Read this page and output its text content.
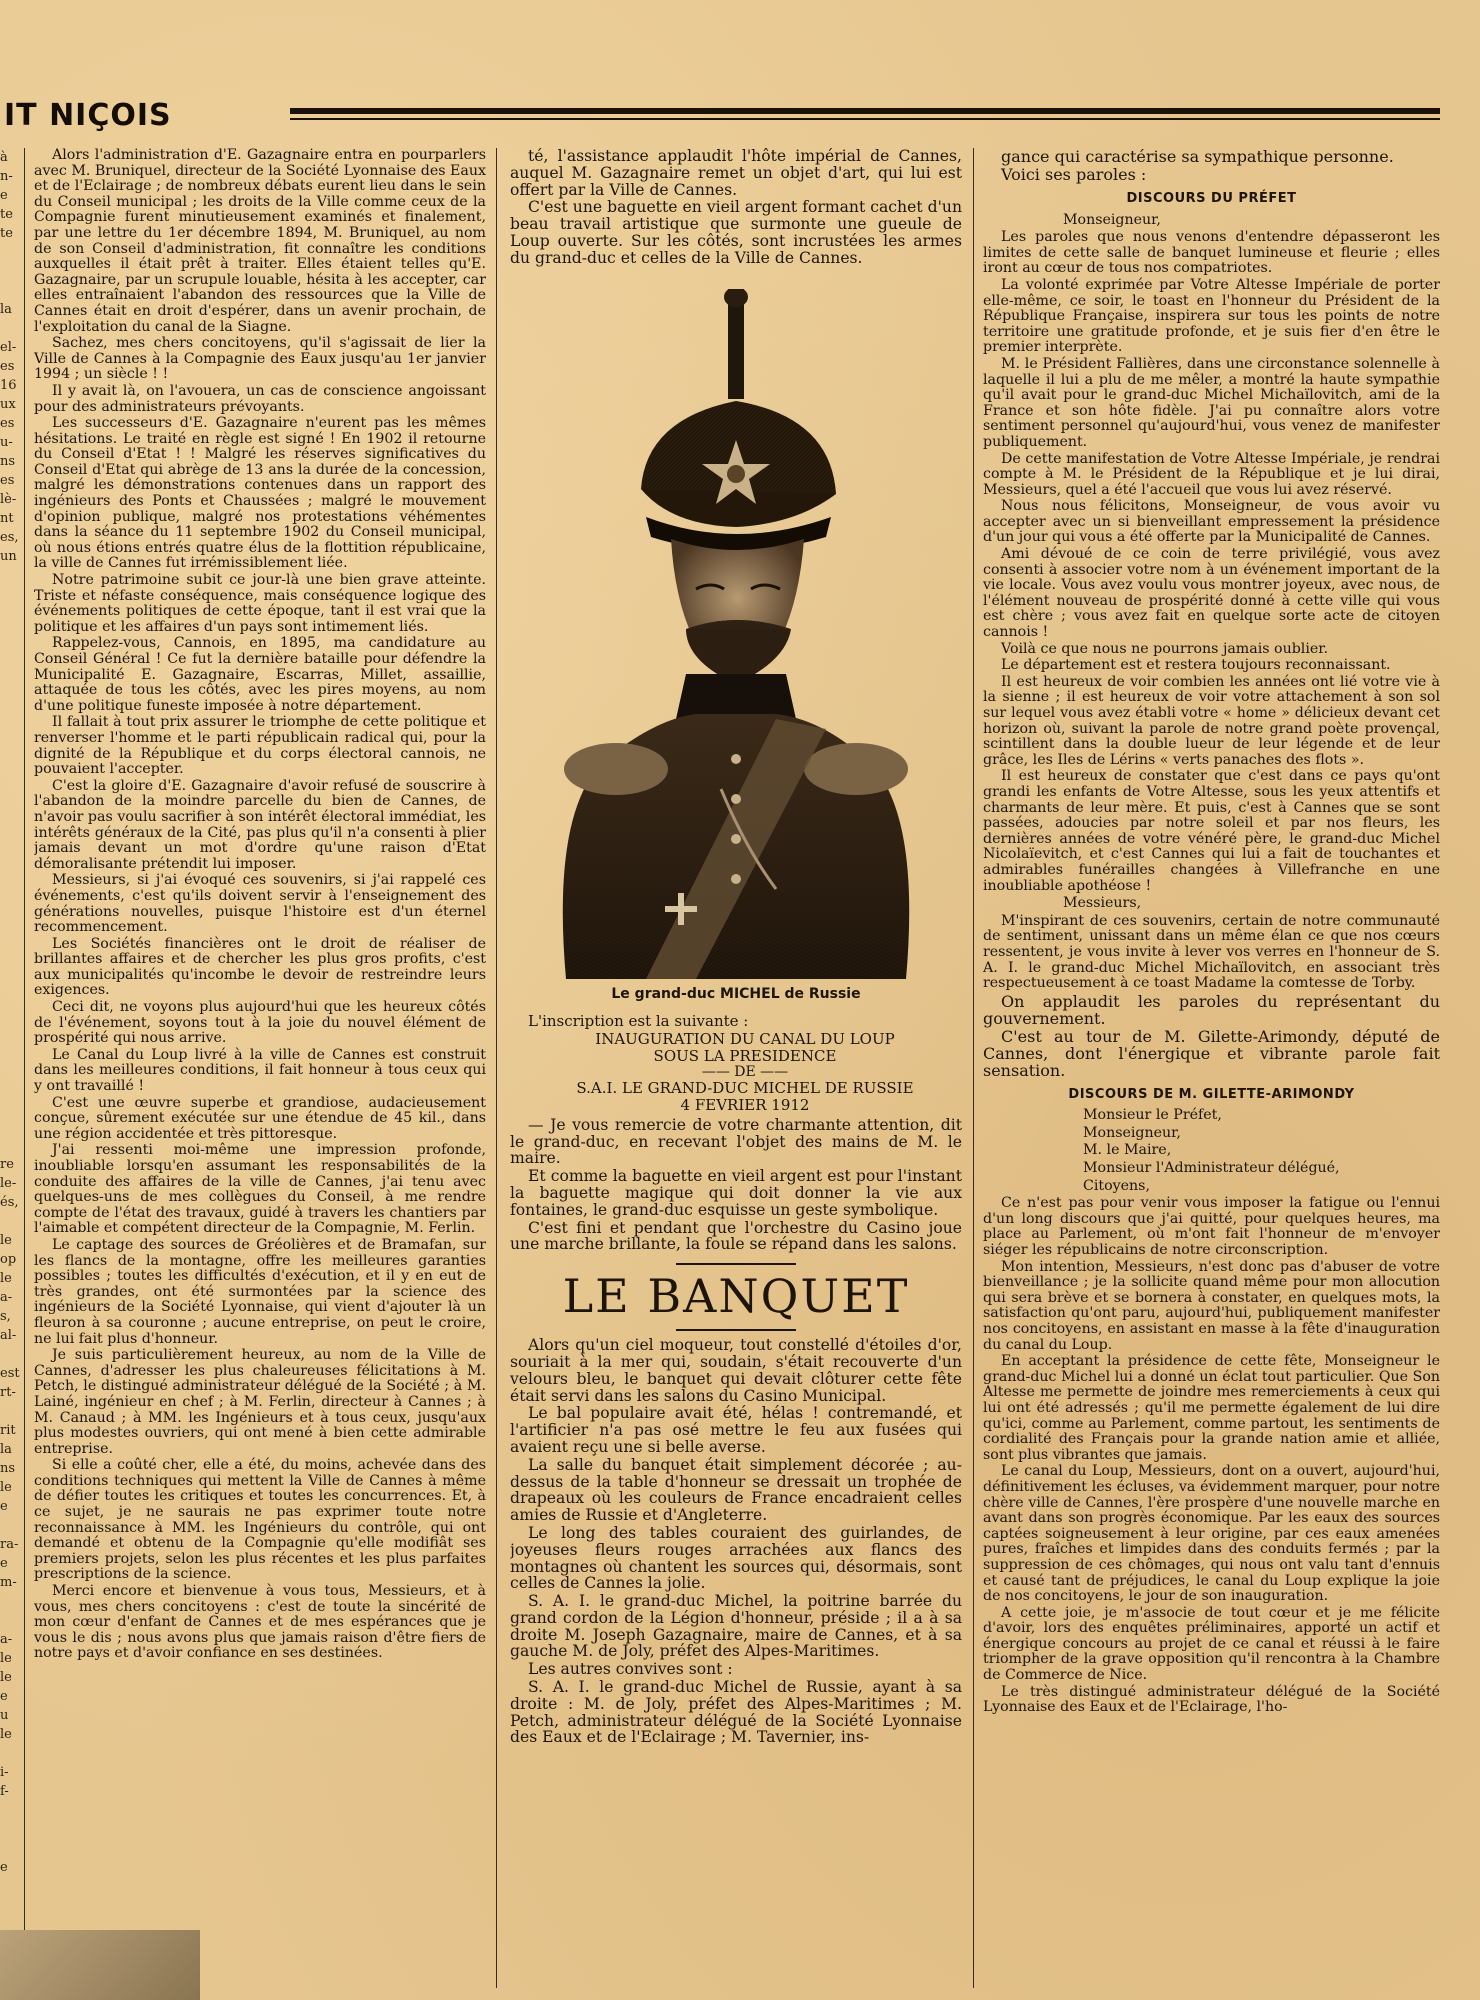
IT NIÇOIS
à
n-
e
te
te
la
el-
es
16
ux
es
u-
ns
es
lè-
nt
es,
un
re
le-
és,
le
op
le
a-
s,
al-
est
rt-
rit
la
ns
le
e
ra-
e
m-
a-
le
le
e
u
le
i-
f-
e

Alors l'administration d'E. Gazagnaire entra en pourparlers avec M. Bruniquel, directeur de la Société Lyonnaise des Eaux et de l'Eclairage ; de nombreux débats eurent lieu dans le sein du Conseil municipal ; les droits de la Ville comme ceux de la Compagnie furent minutieusement examinés et finalement, par une lettre du 1er décembre 1894, M. Bruniquel, au nom de son Conseil d'administration, fit connaître les conditions auxquelles il était prêt à traiter. Elles étaient telles qu'E. Gazagnaire, par un scrupule louable, hésita à les accepter, car elles entraînaient l'abandon des ressources que la Ville de Cannes était en droit d'espérer, dans un avenir prochain, de l'exploitation du canal de la Siagne.

Sachez, mes chers concitoyens, qu'il s'agissait de lier la Ville de Cannes à la Compagnie des Eaux jusqu'au 1er janvier 1994 ; un siècle ! !

Il y avait là, on l'avouera, un cas de conscience angoissant pour des administrateurs prévoyants.

Les successeurs d'E. Gazagnaire n'eurent pas les mêmes hésitations. Le traité en règle est signé ! En 1902 il retourne du Conseil d'Etat ! ! Malgré les réserves significatives du Conseil d'Etat qui abrège de 13 ans la durée de la concession, malgré les démonstrations contenues dans un rapport des ingénieurs des Ponts et Chaussées ; malgré le mouvement d'opinion publique, malgré nos protestations véhémentes dans la séance du 11 septembre 1902 du Conseil municipal, où nous étions entrés quatre élus de la flottition républicaine, la ville de Cannes fut irrémissiblement liée.

Notre patrimoine subit ce jour-là une bien grave atteinte. Triste et néfaste conséquence, mais conséquence logique des événements politiques de cette époque, tant il est vrai que la politique et les affaires d'un pays sont intimement liés.

Rappelez-vous, Cannois, en 1895, ma candidature au Conseil Général ! Ce fut la dernière bataille pour défendre la Municipalité E. Gazagnaire, Escarras, Millet, assaillie, attaquée de tous les côtés, avec les pires moyens, au nom d'une politique funeste imposée à notre département.

Il fallait à tout prix assurer le triomphe de cette politique et renverser l'homme et le parti républicain radical qui, pour la dignité de la République et du corps électoral cannois, ne pouvaient l'accepter.

C'est la gloire d'E. Gazagnaire d'avoir refusé de souscrire à l'abandon de la moindre parcelle du bien de Cannes, de n'avoir pas voulu sacrifier à son intérêt électoral immédiat, les intérêts généraux de la Cité, pas plus qu'il n'a consenti à plier jamais devant un mot d'ordre qu'une raison d'Etat démoralisante prétendit lui imposer.

Messieurs, si j'ai évoqué ces souvenirs, si j'ai rappelé ces événements, c'est qu'ils doivent servir à l'enseignement des générations nouvelles, puisque l'histoire est d'un éternel recommencement.

Les Sociétés financières ont le droit de réaliser de brillantes affaires et de chercher les plus gros profits, c'est aux municipalités qu'incombe le devoir de restreindre leurs exigences.

Ceci dit, ne voyons plus aujourd'hui que les heureux côtés de l'événement, soyons tout à la joie du nouvel élément de prospérité qui nous arrive.

Le Canal du Loup livré à la ville de Cannes est construit dans les meilleures conditions, il fait honneur à tous ceux qui y ont travaillé !

C'est une œuvre superbe et grandiose, audacieusement conçue, sûrement exécutée sur une étendue de 45 kil., dans une région accidentée et très pittoresque.

J'ai ressenti moi-même une impression profonde, inoubliable lorsqu'en assumant les responsabilités de la conduite des affaires de la ville de Cannes, j'ai tenu avec quelques-uns de mes collègues du Conseil, à me rendre compte de l'état des travaux, guidé à travers les chantiers par l'aimable et compétent directeur de la Compagnie, M. Ferlin.

Le captage des sources de Gréolières et de Bramafan, sur les flancs de la montagne, offre les meilleures garanties possibles ; toutes les difficultés d'exécution, et il y en eut de très grandes, ont été surmontées par la science des ingénieurs de la Société Lyonnaise, qui vient d'ajouter là un fleuron à sa couronne ; aucune entreprise, on peut le croire, ne lui fait plus d'honneur.

Je suis particulièrement heureux, au nom de la Ville de Cannes, d'adresser les plus chaleureuses félicitations à M. Petch, le distingué administrateur délégué de la Société ; à M. Lainé, ingénieur en chef ; à M. Ferlin, directeur à Cannes ; à M. Canaud ; à MM. les Ingénieurs et à tous ceux, jusqu'aux plus modestes ouvriers, qui ont mené à bien cette admirable entreprise.

Si elle a coûté cher, elle a été, du moins, achevée dans des conditions techniques qui mettent la Ville de Cannes à même de défier toutes les critiques et toutes les concurrences. Et, à ce sujet, je ne saurais ne pas exprimer toute notre reconnaissance à MM. les Ingénieurs du contrôle, qui ont demandé et obtenu de la Compagnie qu'elle modifiât ses premiers projets, selon les plus récentes et les plus parfaites prescriptions de la science.

Merci encore et bienvenue à vous tous, Messieurs, et à vous, mes chers concitoyens : c'est de toute la sincérité de mon cœur d'enfant de Cannes et de mes espérances que je vous le dis ; nous avons plus que jamais raison d'être fiers de notre pays et d'avoir confiance en ses destinées.

té, l'assistance applaudit l'hôte impérial de Cannes, auquel M. Gazagnaire remet un objet d'art, qui lui est offert par la Ville de Cannes.

C'est une baguette en vieil argent formant cachet d'un beau travail artistique que surmonte une gueule de Loup ouverte. Sur les côtés, sont incrustées les armes du grand-duc et celles de la Ville de Cannes.

Le grand-duc MICHEL de Russie

L'inscription est la suivante :

INAUGURATION DU CANAL DU LOUP

SOUS LA PRESIDENCE

—— DE ——

S.A.I. LE GRAND-DUC MICHEL DE RUSSIE

4 FEVRIER 1912

— Je vous remercie de votre charmante attention, dit le grand-duc, en recevant l'objet des mains de M. le maire.

Et comme la baguette en vieil argent est pour l'instant la baguette magique qui doit donner la vie aux fontaines, le grand-duc esquisse un geste symbolique.

C'est fini et pendant que l'orchestre du Casino joue une marche brillante, la foule se répand dans les salons.

LE BANQUET

Alors qu'un ciel moqueur, tout constellé d'étoiles d'or, souriait à la mer qui, soudain, s'était recouverte d'un velours bleu, le banquet qui devait clôturer cette fête était servi dans les salons du Casino Municipal.

Le bal populaire avait été, hélas ! contremandé, et l'artificier n'a pas osé mettre le feu aux fusées qui avaient reçu une si belle averse.

La salle du banquet était simplement décorée ; au-dessus de la table d'honneur se dressait un trophée de drapeaux où les couleurs de France encadraient celles amies de Russie et d'Angleterre.

Le long des tables couraient des guirlandes, de joyeuses fleurs rouges arrachées aux flancs des montagnes où chantent les sources qui, désormais, sont celles de Cannes la jolie.

S. A. I. le grand-duc Michel, la poitrine barrée du grand cordon de la Légion d'honneur, préside ; il a à sa droite M. Joseph Gazagnaire, maire de Cannes, et à sa gauche M. de Joly, préfet des Alpes-Maritimes.

Les autres convives sont :

S. A. I. le grand-duc Michel de Russie, ayant à sa droite : M. de Joly, préfet des Alpes-Maritimes ; M. Petch, administrateur délégué de la Société Lyonnaise des Eaux et de l'Eclairage ; M. Tavernier, ins-

gance qui caractérise sa sympathique personne.

Voici ses paroles :

DISCOURS DU PRÉFET

Monseigneur,

Les paroles que nous venons d'entendre dépasseront les limites de cette salle de banquet lumineuse et fleurie ; elles iront au cœur de tous nos compatriotes.

La volonté exprimée par Votre Altesse Impériale de porter elle-même, ce soir, le toast en l'honneur du Président de la République Française, inspirera sur tous les points de notre territoire une gratitude profonde, et je suis fier d'en être le premier interprète.

M. le Président Fallières, dans une circonstance solennelle à laquelle il lui a plu de me mêler, a montré la haute sympathie qu'il avait pour le grand-duc Michel Michaïlovitch, ami de la France et son hôte fidèle. J'ai pu connaître alors votre sentiment personnel qu'aujourd'hui, vous venez de manifester publiquement.

De cette manifestation de Votre Altesse Impériale, je rendrai compte à M. le Président de la République et je lui dirai, Messieurs, quel a été l'accueil que vous lui avez réservé.

Nous nous félicitons, Monseigneur, de vous avoir vu accepter avec un si bienveillant empressement la présidence d'un jour qui vous a été offerte par la Municipalité de Cannes.

Ami dévoué de ce coin de terre privilégié, vous avez consenti à associer votre nom à un événement important de la vie locale. Vous avez voulu vous montrer joyeux, avec nous, de l'élément nouveau de prospérité donné à cette ville qui vous est chère ; vous avez fait en quelque sorte acte de citoyen cannois !

Voilà ce que nous ne pourrons jamais oublier.

Le département est et restera toujours reconnaissant.

Il est heureux de voir combien les années ont lié votre vie à la sienne ; il est heureux de voir votre attachement à son sol sur lequel vous avez établi votre « home » délicieux devant cet horizon où, suivant la parole de notre grand poète provençal, scintillent dans la double lueur de leur légende et de leur grâce, les Iles de Lérins « verts panaches des flots ».

Il est heureux de constater que c'est dans ce pays qu'ont grandi les enfants de Votre Altesse, sous les yeux attentifs et charmants de leur mère. Et puis, c'est à Cannes que se sont passées, adoucies par notre soleil et par nos fleurs, les dernières années de votre vénéré père, le grand-duc Michel Nicolaïevitch, et c'est Cannes qui lui a fait de touchantes et admirables funérailles changées à Villefranche en une inoubliable apothéose !

Messieurs,

M'inspirant de ces souvenirs, certain de notre communauté de sentiment, unissant dans un même élan ce que nos cœurs ressentent, je vous invite à lever vos verres en l'honneur de S. A. I. le grand-duc Michel Michaïlovitch, en associant très respectueusement à ce toast Madame la comtesse de Torby.

On applaudit les paroles du représentant du gouvernement.

C'est au tour de M. Gilette-Arimondy, député de Cannes, dont l'énergique et vibrante parole fait sensation.

DISCOURS DE M. GILETTE-ARIMONDY

Monsieur le Préfet,

Monseigneur,

M. le Maire,

Monsieur l'Administrateur délégué,

Citoyens,

Ce n'est pas pour venir vous imposer la fatigue ou l'ennui d'un long discours que j'ai quitté, pour quelques heures, ma place au Parlement, où m'ont fait l'honneur de m'envoyer siéger les républicains de notre circonscription.

Mon intention, Messieurs, n'est donc pas d'abuser de votre bienveillance ; je la sollicite quand même pour mon allocution qui sera brève et se bornera à constater, en quelques mots, la satisfaction qu'ont paru, aujourd'hui, publiquement manifester nos concitoyens, en assistant en masse à la fête d'inauguration du canal du Loup.

En acceptant la présidence de cette fête, Monseigneur le grand-duc Michel lui a donné un éclat tout particulier. Que Son Altesse me permette de joindre mes remerciements à ceux qui lui ont été adressés ; qu'il me permette également de lui dire qu'ici, comme au Parlement, comme partout, les sentiments de cordialité des Français pour la grande nation amie et alliée, sont plus vibrantes que jamais.

Le canal du Loup, Messieurs, dont on a ouvert, aujourd'hui, définitivement les écluses, va évidemment marquer, pour notre chère ville de Cannes, l'ère prospère d'une nouvelle marche en avant dans son progrès économique. Par les eaux des sources captées soigneusement à leur origine, par ces eaux amenées pures, fraîches et limpides dans des conduits fermés ; par la suppression de ces chômages, qui nous ont valu tant d'ennuis et causé tant de préjudices, le canal du Loup explique la joie de nos concitoyens, le jour de son inauguration.

A cette joie, je m'associe de tout cœur et je me félicite d'avoir, lors des enquêtes préliminaires, apporté un actif et énergique concours au projet de ce canal et réussi à le faire triompher de la grave opposition qu'il rencontra à la Chambre de Commerce de Nice.

Le très distingué administrateur délégué de la Société Lyonnaise des Eaux et de l'Eclairage, l'ho-
